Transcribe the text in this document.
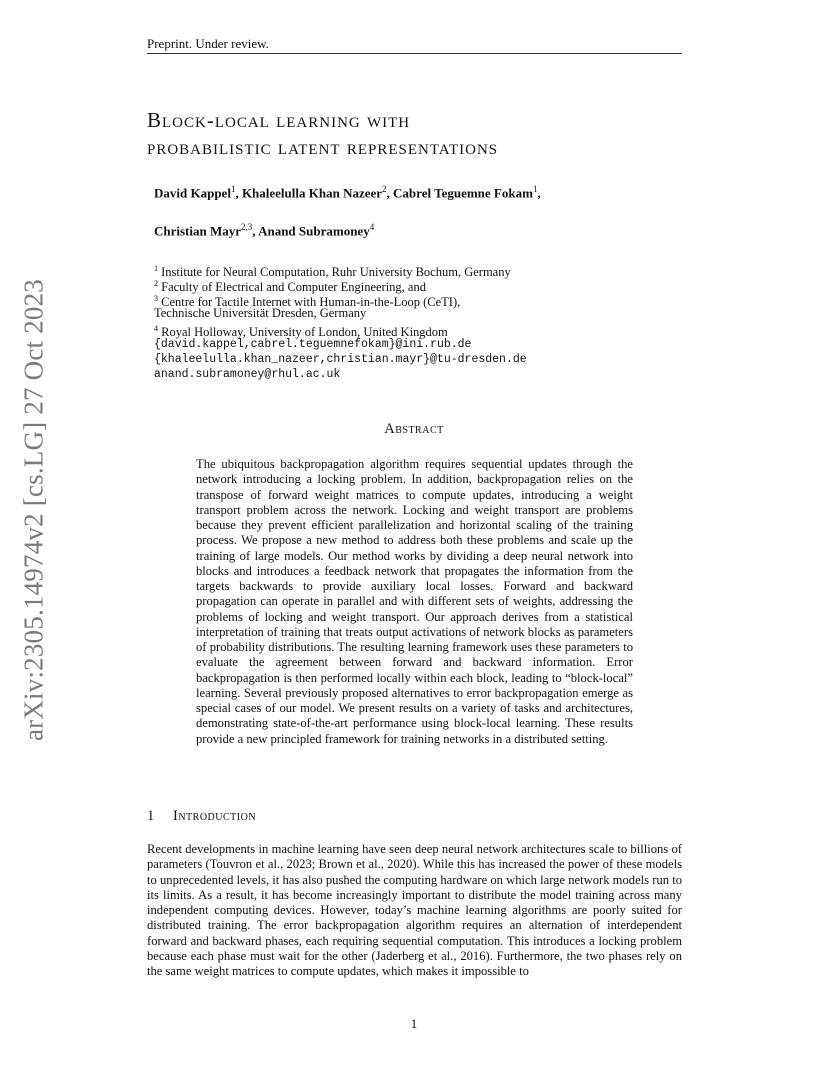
Preprint. Under review.
arXiv:2305.14974v2 [cs.LG] 27 Oct 2023
Block-local learning with
probabilistic latent representations
David Kappel$^1$, Khaleelulla Khan Nazeer$^2$, Cabrel Teguemne Fokam$^1$,
Christian Mayr$^{2,3}$, Anand Subramoney$^4$
$^1$ Institute for Neural Computation, Ruhr University Bochum, Germany
$^2$ Faculty of Electrical and Computer Engineering, and
$^3$ Centre for Tactile Internet with Human-in-the-Loop (CeTI),
Technische Universität Dresden, Germany
$^4$ Royal Holloway, University of London, United Kingdom
{david.kappel,cabrel.teguemnefokam}@ini.rub.de
{khaleelulla.khan_nazeer,christian.mayr}@tu-dresden.de
anand.subramoney@rhul.ac.uk
Abstract
The ubiquitous backpropagation algorithm requires sequential updates through the network introducing a locking problem. In addition, backpropagation relies on the transpose of forward weight matrices to compute updates, introducing a weight transport problem across the network. Locking and weight transport are problems because they prevent efficient parallelization and horizontal scaling of the training process. We propose a new method to address both these problems and scale up the training of large models. Our method works by dividing a deep neural network into blocks and introduces a feedback network that propagates the information from the targets backwards to provide auxiliary local losses. Forward and backward propagation can operate in parallel and with different sets of weights, addressing the problems of locking and weight transport. Our approach derives from a statistical interpretation of training that treats output activations of network blocks as parameters of probability distributions. The resulting learning framework uses these parameters to evaluate the agreement between forward and backward information. Error backpropagation is then performed locally within each block, leading to “block-local” learning. Several previously proposed alternatives to error backpropagation emerge as special cases of our model. We present results on a variety of tasks and architectures, demonstrating state-of-the-art performance using block-local learning. These results provide a new principled framework for training networks in a distributed setting.
1 Introduction
Recent developments in machine learning have seen deep neural network architectures scale to billions of parameters (Touvron et al., 2023; Brown et al., 2020). While this has increased the power of these models to unprecedented levels, it has also pushed the computing hardware on which large network models run to its limits. As a result, it has become increasingly important to distribute the model training across many independent computing devices. However, today’s machine learning algorithms are poorly suited for distributed training. The error backpropagation algorithm requires an alternation of interdependent forward and backward phases, each requiring sequential computation. This introduces a locking problem because each phase must wait for the other (Jaderberg et al., 2016). Furthermore, the two phases rely on the same weight matrices to compute updates, which makes it impossible to
1
